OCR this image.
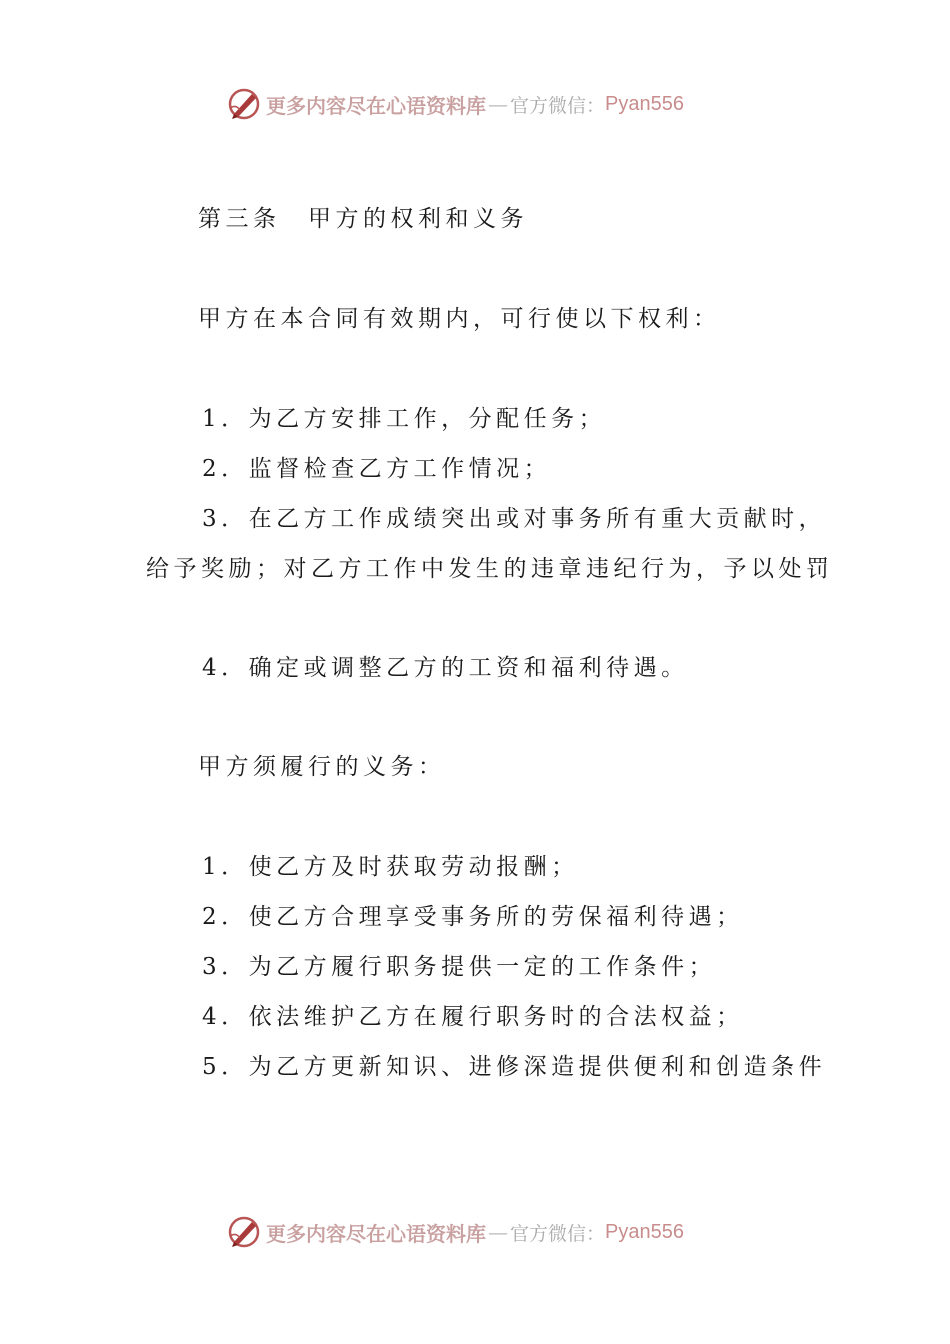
更多内容尽在心语资料库 — 官方微信： Pyan556
第三条　甲方的权利和义务
甲方在本合同有效期内，可行使以下权利：
1．为乙方安排工作，分配任务；
2．监督检查乙方工作情况；
3．在乙方工作成绩突出或对事务所有重大贡献时，
给予奖励；对乙方工作中发生的违章违纪行为，予以处罚
4．确定或调整乙方的工资和福利待遇。
甲方须履行的义务：
1．使乙方及时获取劳动报酬；
2．使乙方合理享受事务所的劳保福利待遇；
3．为乙方履行职务提供一定的工作条件；
4．依法维护乙方在履行职务时的合法权益；
5．为乙方更新知识、进修深造提供便利和创造条件
更多内容尽在心语资料库 — 官方微信： Pyan556
